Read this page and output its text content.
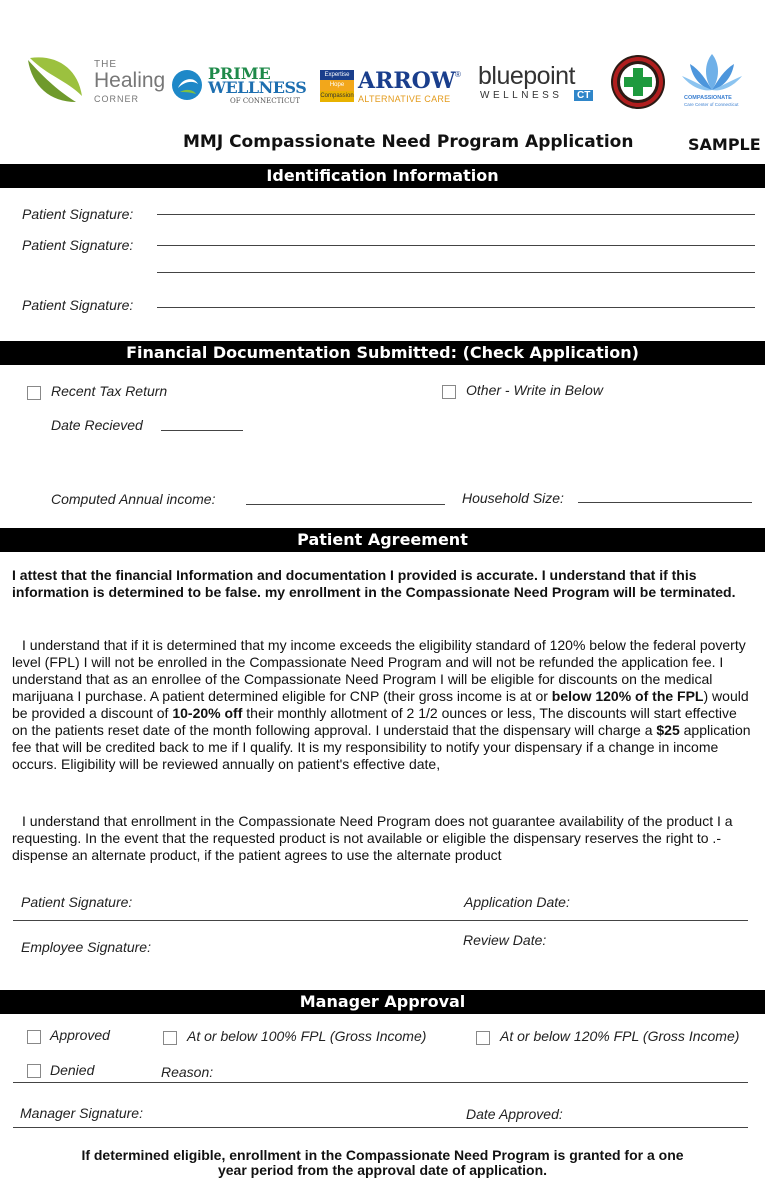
THE
Healing
CORNER
PRIME
WELLNESS
OF CONNECTICUT
Expertise
Hope
Compassion
ARROW ®
ALTERNATIVE CARE
bluepoint
WELLNESS	CT	COMPASSIONATE
Care Center of Connecticut
MMJ Compassionate Need Program Application	SAMPLE
Identification Information
Patient Signature:
Patient Signature:
Patient Signature:
Financial Documentation Submitted: (Check Application)
Recent Tax Return	Other - Write in Below
Date Recieved
Computed Annual income:	Household Size:
Patient Agreement
I attest that the financial Information and documentation I provided is accurate. I understand that if this information is determined to be false. my enrollment in the Compassionate Need Program will be terminated.
I understand that if it is determined that my income exceeds the eligibility standard of 120% below the federal poverty level (FPL) I will not be enrolled in the Compassionate Need Program and will not be refunded the application fee. I understand that as an enrollee of the Compassionate Need Program I will be eligible for discounts on the medical marijuana I purchase. A patient determined eligible for CNP (their gross income is at or below 120% of the FPL) would be provided a discount of 10-20% off their monthly allotment of 2 1/2 ounces or less, The discounts will start effective on the patients reset date of the month following approval. I understaid that the dispensary will charge a $25 application fee that will be credited back to me if I qualify. It is my responsibility to notify your dispensary if a change in income occurs. Eligibility will be reviewed annually on patient's effective date,
I understand that enrollment in the Compassionate Need Program does not guarantee availability of the product I a requesting. In the event that the requested product is not available or eligible the dispensary reserves the right to .-dispense an alternate product, if the patient agrees to use the alternate product
Patient Signature:	Application Date:
Employee Signature:	Review Date:
Manager Approval
Approved	At or below 100% FPL (Gross Income)	At or below 120% FPL (Gross Income)
Denied	Reason:
Manager Signature:	Date Approved:
If determined eligible, enrollment in the Compassionate Need Program is granted for a one
year period from the approval date of application.
